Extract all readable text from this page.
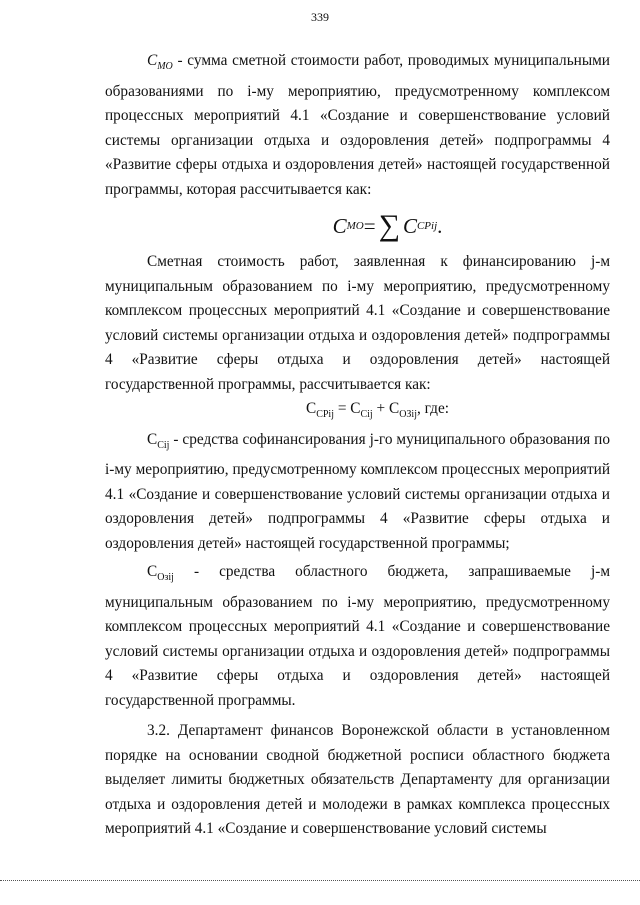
339

$C_{МО}$ - сумма сметной стоимости работ, проводимых муниципальными образованиями по i-му мероприятию, предусмотренному комплексом процессных мероприятий 4.1 «Создание и совершенствование условий системы организации отдыха и оздоровления детей» подпрограммы 4 «Развитие сферы отдыха и оздоровления детей» настоящей государственной программы, которая рассчитывается как:

C МО = ∑ C CPij .

Сметная стоимость работ, заявленная к финансированию j-м муниципальным образованием по i-му мероприятию, предусмотренному комплексом процессных мероприятий 4.1 «Создание и совершенствование условий системы организации отдыха и оздоровления детей» подпрограммы 4 «Развитие сферы отдыха и оздоровления детей» настоящей государственной программы, рассчитывается как:

$С_{СРij} = С_{Сij} + С_{ОЗij}$, где:

$С_{Сij}$ - средства софинансирования j-го муниципального образования по i-му мероприятию, предусмотренному комплексом процессных мероприятий 4.1 «Создание и совершенствование условий системы организации отдыха и оздоровления детей» подпрограммы 4 «Развитие сферы отдыха и оздоровления детей» настоящей государственной программы;

$С_{Озij}$ - средства областного бюджета, запрашиваемые j-м муниципальным образованием по i-му мероприятию, предусмотренному комплексом процессных мероприятий 4.1 «Создание и совершенствование условий системы организации отдыха и оздоровления детей» подпрограммы 4 «Развитие сферы отдыха и оздоровления детей» настоящей государственной программы.

3.2. Департамент финансов Воронежской области в установленном порядке на основании сводной бюджетной росписи областного бюджета выделяет лимиты бюджетных обязательств Департаменту для организации отдыха и оздоровления детей и молодежи в рамках комплекса процессных мероприятий 4.1 «Создание и совершенствование условий системы
